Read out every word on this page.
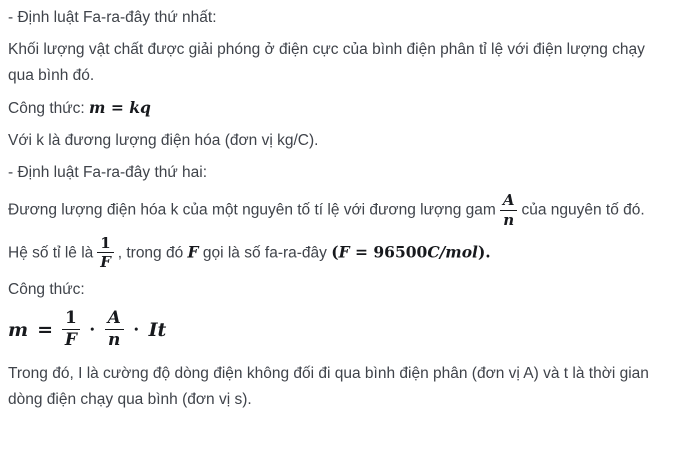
- Định luật Fa-ra-đây thứ nhất:

Khối lượng vật chất được giải phóng ở điện cực của bình điện phân tỉ lệ với điện lượng chạy qua bình đó.

Công thức: m = kq

Với k là đương lượng điện hóa (đơn vị kg/C).

- Định luật Fa-ra-đây thứ hai:

Đương lượng điện hóa k của một nguyên tố tí lệ với đương lượng gam $\frac{A}{n}$ của nguyên tố đó.

Hệ số tỉ lê là $\frac{1}{F}$ , trong đó F gọi là số fa-ra-đây (F = 96500C/mol).

Công thức:

$m = \frac{1}{F} \cdot \frac{A}{n} \cdot It$

Trong đó, I là cường độ dòng điện không đối đi qua bình điện phân (đơn vị A) và t là thời gian dòng điện chạy qua bình (đơn vị s).
